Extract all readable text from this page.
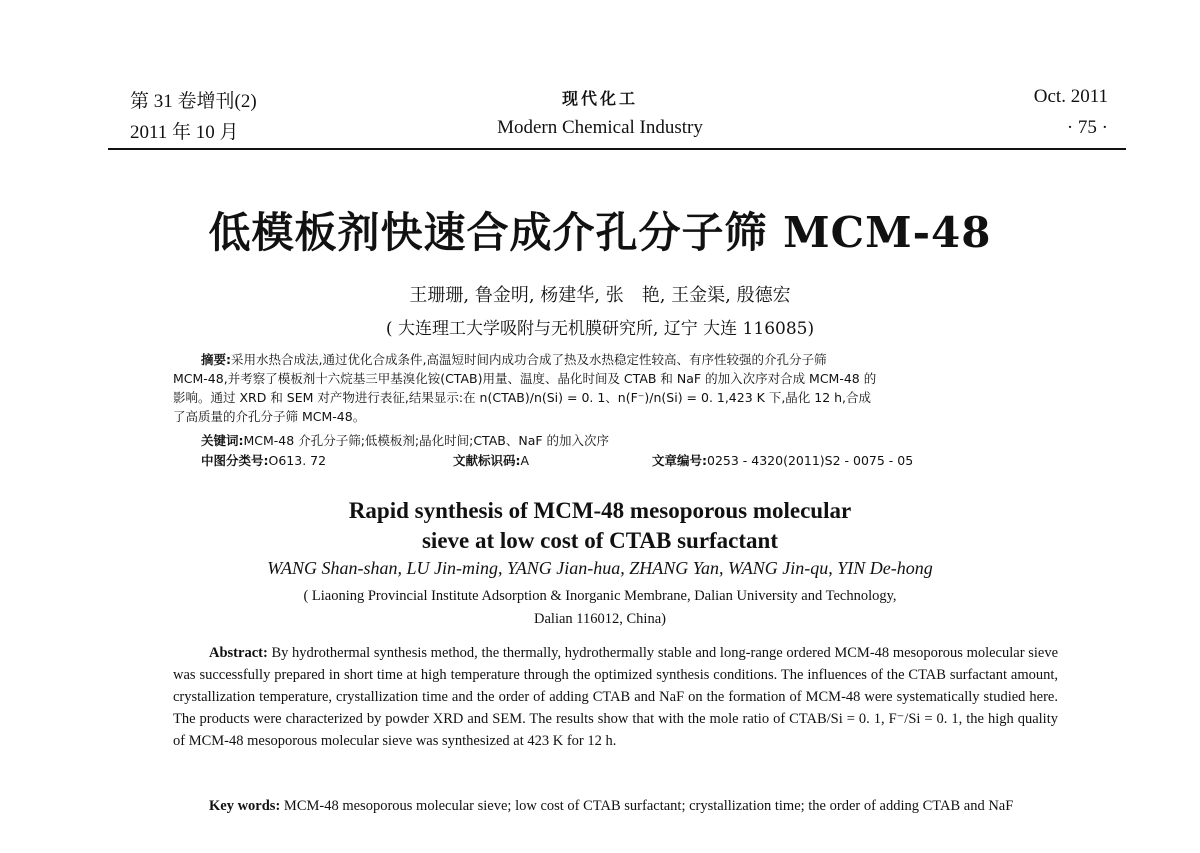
第 31 卷增刊(2)
2011 年 10 月
现代化工
Modern Chemical Industry
Oct. 2011
· 75 ·
低模板剂快速合成介孔分子筛 MCM-48
王珊珊, 鲁金明, 杨建华, 张　艳, 王金渠, 殷德宏
( 大连理工大学吸附与无机膜研究所, 辽宁 大连 116085)
摘要:采用水热合成法,通过优化合成条件,高温短时间内成功合成了热及水热稳定性较高、有序性较强的介孔分子筛
MCM-48,并考察了模板剂十六烷基三甲基溴化铵(CTAB)用量、温度、晶化时间及 CTAB 和 NaF 的加入次序对合成 MCM-48 的
影响。通过 XRD 和 SEM 对产物进行表征,结果显示:在 n(CTAB)/n(Si) = 0. 1、n(F⁻)/n(Si) = 0. 1,423 K 下,晶化 12 h,合成
了高质量的介孔分子筛 MCM-48。
关键词:MCM-48 介孔分子筛;低模板剂;晶化时间;CTAB、NaF 的加入次序
中图分类号:O613. 72	文献标识码:A	文章编号:0253 - 4320(2011)S2 - 0075 - 05
Rapid synthesis of MCM-48 mesoporous molecular
sieve at low cost of CTAB surfactant
WANG Shan-shan, LU Jin-ming, YANG Jian-hua, ZHANG Yan, WANG Jin-qu, YIN De-hong
( Liaoning Provincial Institute Adsorption & Inorganic Membrane, Dalian University and Technology,
Dalian 116012, China)
Abstract: By hydrothermal synthesis method, the thermally, hydrothermally stable and long-range ordered MCM-48 mesoporous molecular sieve was successfully prepared in short time at high temperature through the optimized synthesis conditions. The influences of the CTAB surfactant amount, crystallization temperature, crystallization time and the order of adding CTAB and NaF on the formation of MCM-48 were systematically studied here. The products were characterized by powder XRD and SEM. The results show that with the mole ratio of CTAB/Si = 0. 1, F⁻/Si = 0. 1, the high quality of MCM-48 mesoporous molecular sieve was synthesized at 423 K for 12 h.
Key words: MCM-48 mesoporous molecular sieve; low cost of CTAB surfactant; crystallization time; the order of adding CTAB and NaF
